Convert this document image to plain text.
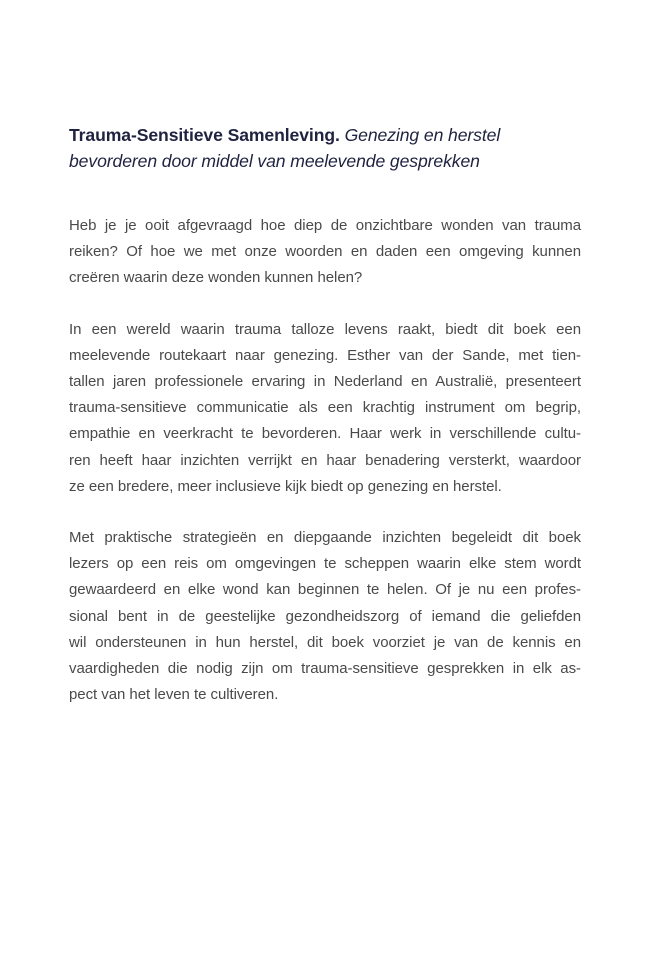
Trauma-Sensitieve Samenleving. Genezing en herstel
bevorderen door middel van meelevende gesprekken

Heb je je ooit afgevraagd hoe diep de onzichtbare wonden van trauma
reiken? Of hoe we met onze woorden en daden een omgeving kunnen
creëren waarin deze wonden kunnen helen?

In een wereld waarin trauma talloze levens raakt, biedt dit boek een
meelevende routekaart naar genezing. Esther van der Sande, met tien-
tallen jaren professionele ervaring in Nederland en Australië, presenteert
trauma-sensitieve communicatie als een krachtig instrument om begrip,
empathie en veerkracht te bevorderen. Haar werk in verschillende cultu-
ren heeft haar inzichten verrijkt en haar benadering versterkt, waardoor
ze een bredere, meer inclusieve kijk biedt op genezing en herstel.

Met praktische strategieën en diepgaande inzichten begeleidt dit boek
lezers op een reis om omgevingen te scheppen waarin elke stem wordt
gewaardeerd en elke wond kan beginnen te helen. Of je nu een profes-
sional bent in de geestelijke gezondheidszorg of iemand die geliefden
wil ondersteunen in hun herstel, dit boek voorziet je van de kennis en
vaardigheden die nodig zijn om trauma-sensitieve gesprekken in elk as-
pect van het leven te cultiveren.
